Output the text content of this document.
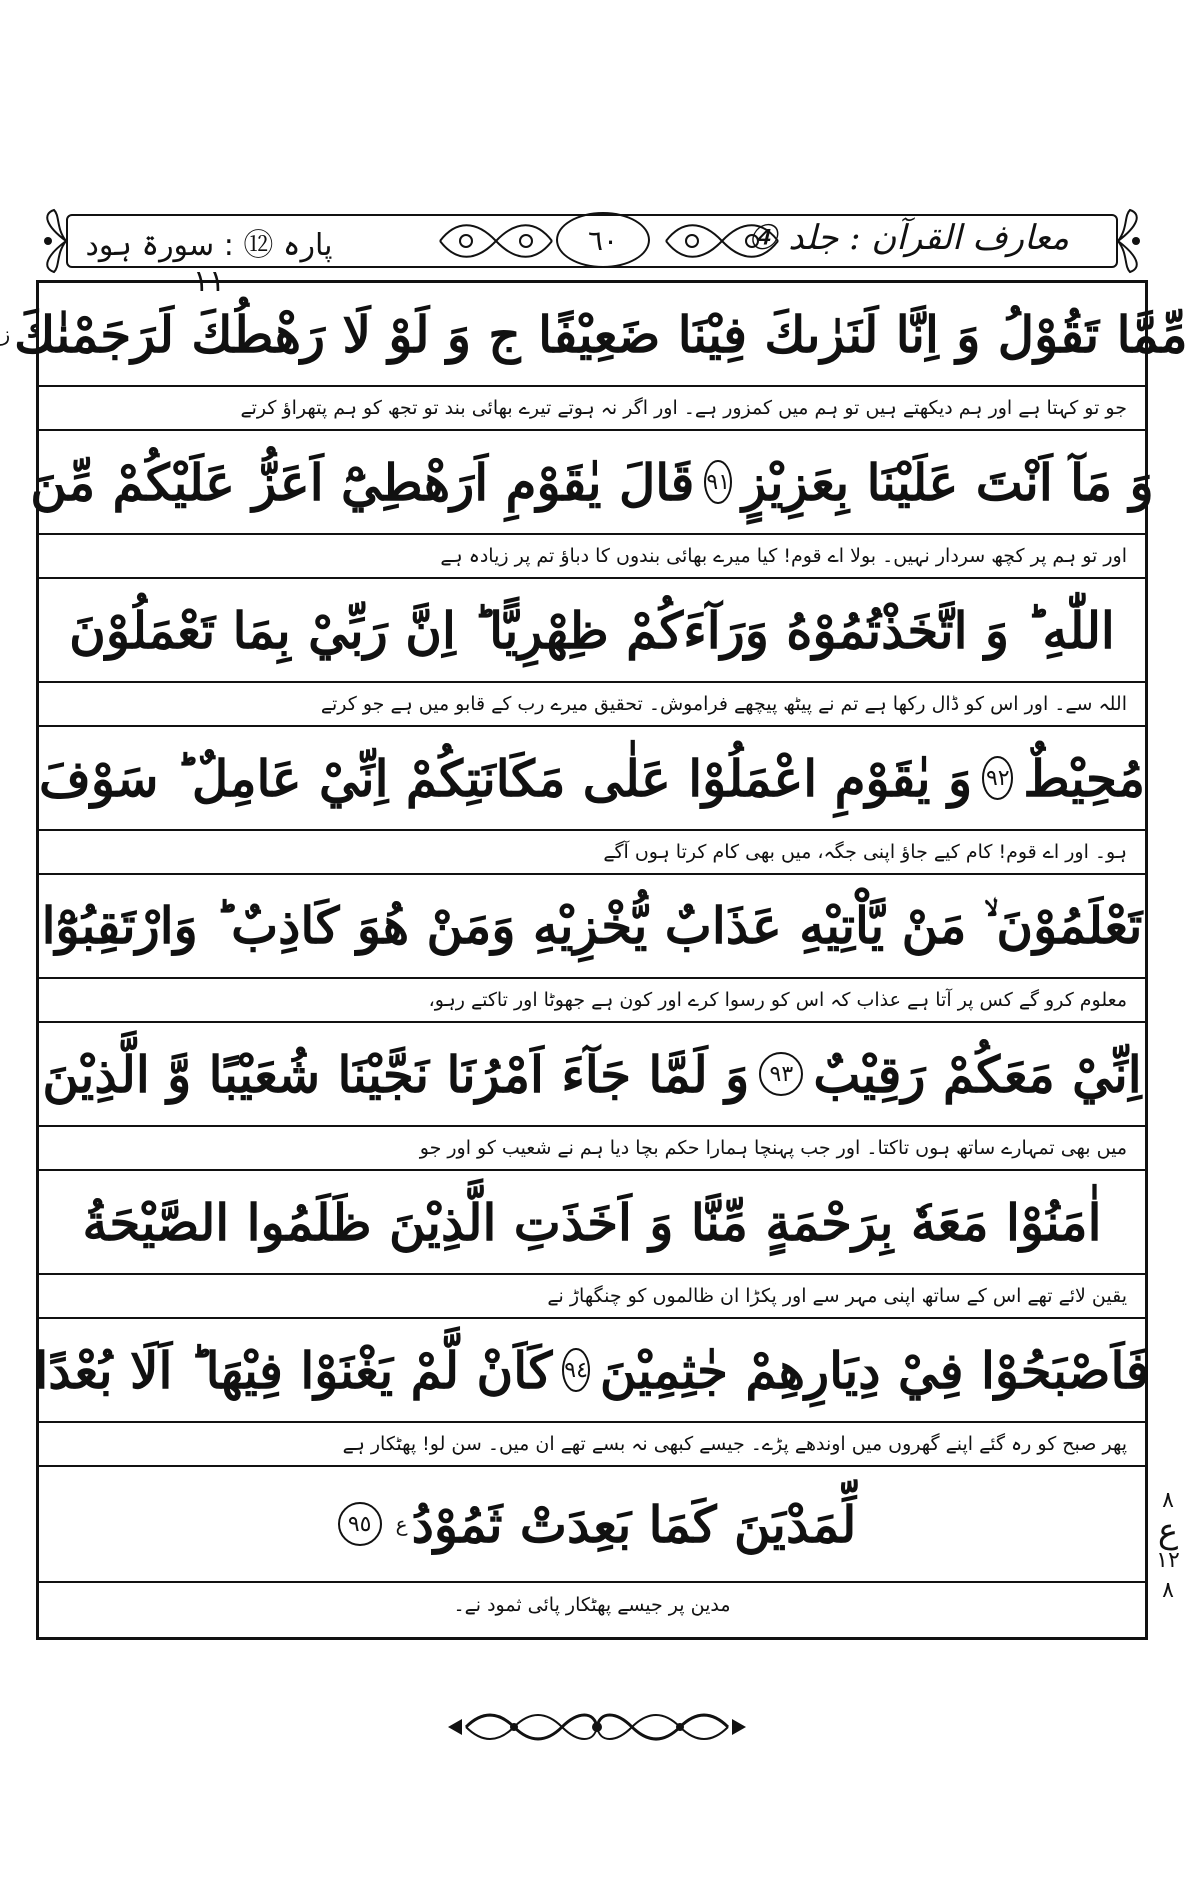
پارہ ⑫ : سورۃ ہود ۱۱
٦٠	معارف القرآن : جلد ④
مِّمَّا تَقُوْلُ وَ اِنَّا لَنَرٰىكَ فِيْنَا ضَعِيْفًا ج وَ لَوْ لَا رَهْطُكَ لَرَجَمْنٰكَ
ز
جو تو کہتا ہے اور ہم دیکھتے ہیں تو ہم میں کمزور ہے۔ اور اگر نہ ہوتے تیرے بھائی بند تو تجھ کو ہم پتھراؤ کرتے
وَ مَآ اَنْتَ عَلَيْنَا بِعَزِيْزٍ
٩١
قَالَ يٰقَوْمِ اَرَهْطِيْٓ اَعَزُّ عَلَيْكُمْ مِّنَ
اور تو ہم پر کچھ سردار نہیں۔ بولا اے قوم! کیا میرے بھائی بندوں کا دباؤ تم پر زیادہ ہے
اللّٰهِ ؕ وَ اتَّخَذْتُمُوْهُ وَرَآءَكُمْ ظِهْرِيًّا ؕ اِنَّ رَبِّيْ بِمَا تَعْمَلُوْنَ
اللہ سے۔ اور اس کو ڈال رکھا ہے تم نے پیٹھ پیچھے فراموش۔ تحقیق میرے رب کے قابو میں ہے جو کرتے
مُحِيْطٌ
٩٢
وَ يٰقَوْمِ اعْمَلُوْا عَلٰى مَكَانَتِكُمْ اِنِّيْ عَامِلٌ ؕ سَوْفَ
ہو۔ اور اے قوم! کام کیے جاؤ اپنی جگہ، میں بھی کام کرتا ہوں آگے
تَعْلَمُوْنَ ۙ مَنْ يَّاْتِيْهِ عَذَابٌ يُّخْزِيْهِ وَمَنْ هُوَ كَاذِبٌ ؕ وَارْتَقِبُوْٓا
معلوم کرو گے کس پر آتا ہے عذاب کہ اس کو رسوا کرے اور کون ہے جھوٹا اور تاکتے رہو،
اِنِّيْ مَعَكُمْ رَقِيْبٌ
٩٣
وَ لَمَّا جَآءَ اَمْرُنَا نَجَّيْنَا شُعَيْبًا وَّ الَّذِيْنَ
میں بھی تمہارے ساتھ ہوں تاکتا۔ اور جب پہنچا ہمارا حکم بچا دیا ہم نے شعیب کو اور جو
اٰمَنُوْا مَعَهٗ بِرَحْمَةٍ مِّنَّا وَ اَخَذَتِ الَّذِيْنَ ظَلَمُوا الصَّيْحَةُ
یقین لائے تھے اس کے ساتھ اپنی مہر سے اور پکڑا ان ظالموں کو چنگھاڑ نے
فَاَصْبَحُوْا فِيْ دِيَارِهِمْ جٰثِمِيْنَ
٩٤
كَاَنْ لَّمْ يَغْنَوْا فِيْهَا ؕ اَلَا بُعْدًا
پھر صبح کو رہ گئے اپنے گھروں میں اوندھے پڑے۔ جیسے کبھی نہ بسے تھے ان میں۔ سن لو! پھٹکار ہے
لِّمَدْيَنَ كَمَا بَعِدَتْ ثَمُوْدُ
ع
٩٥
مدین پر جیسے پھٹکار پائی ثمود نے۔
٨
ع
١٢
٨
